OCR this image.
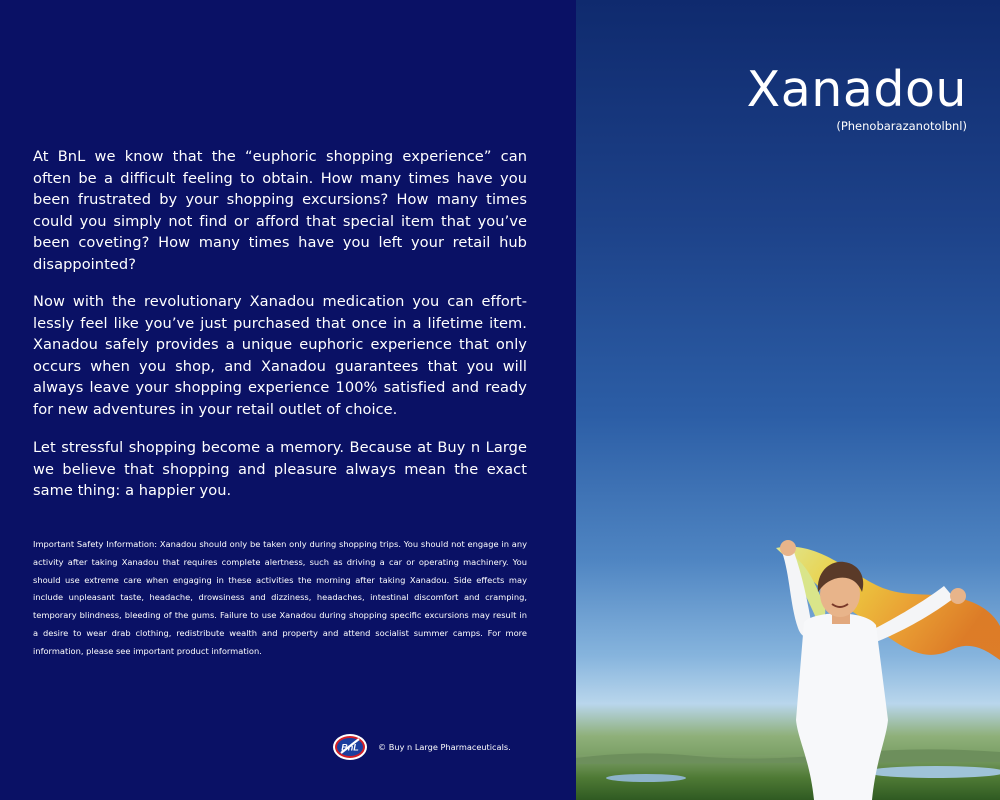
At BnL we know that the “euphoric shopping experience” can often be a difficult feeling to obtain. How many times have you been frustrated by your shopping excursions? How many times could you simply not find or afford that special item that you’ve been coveting? How many times have you left your retail hub disappointed?

Now with the revolutionary Xanadou medication you can effortlessly feel like you’ve just purchased that once in a lifetime item. Xanadou safely provides a unique euphoric experience that only occurs when you shop, and Xanadou guarantees that you will always leave your shopping experience 100% satisfied and ready for new adventures in your retail outlet of choice.

Let stressful shopping become a memory. Because at Buy n Large we believe that shopping and pleasure always mean the exact same thing: a happier you.

Important Safety Information: Xanadou should only be taken only during shopping trips. You should not engage in any activity after taking Xanadou that requires complete alertness, such as driving a car or operating machinery. You should use extreme care when engaging in these activities the morning after taking Xanadou. Side effects may include unpleasant taste, headache, drowsiness and dizziness, headaches, intestinal discomfort and cramping, temporary blindness, bleeding of the gums. Failure to use Xanadou during shopping specific excursions may result in a desire to wear drab clothing, redistribute wealth and property and attend socialist summer camps. For more information, please see important product information.

BnL © Buy n Large Pharmaceuticals.
Xanadou
(Phenobarazanotolbnl)
